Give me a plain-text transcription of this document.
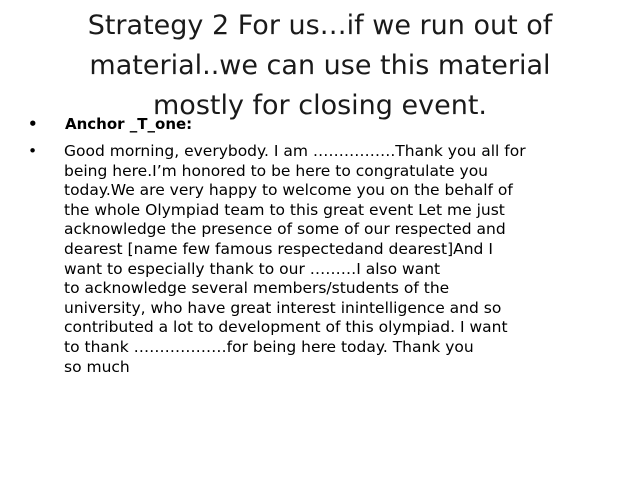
Strategy 2 For us…if we run out of
material..we can use this material
mostly for closing event.
• Anchor _T_one:
• Good morning, everybody. I am …………….Thank you all for
being here.I’m honored to be here to congratulate you
today.We are very happy to welcome you on the behalf of
the whole Olympiad team to this great event Let me just
acknowledge the presence of some of our respected and
dearest [name few famous respectedand dearest]And I
want to especially thank to our ………I also want
to acknowledge several members/students of the
university, who have great interest inintelligence and so
contributed a lot to development of this olympiad. I want
to thank ………………for being here today. Thank you
so much
